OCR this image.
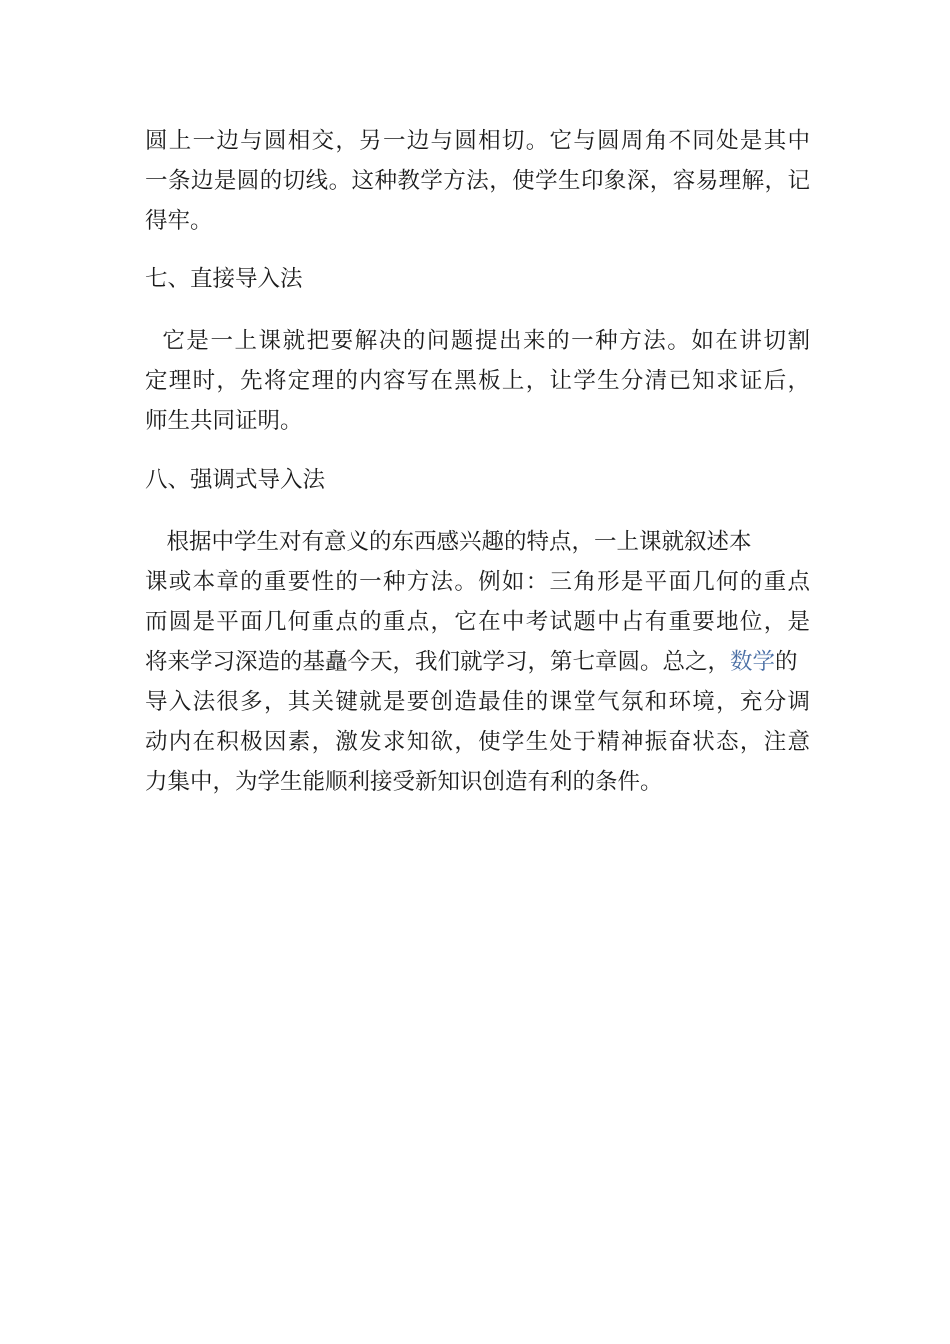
圆上一边与圆相交，另一边与圆相切。它与圆周角不同处是其中
一条边是圆的切线。这种教学方法，使学生印象深，容易理解，记
得牢。

七、直接导入法

它是一上课就把要解决的问题提出来的一种方法。如在讲切割
定理时，先将定理的内容写在黑板上，让学生分清已知求证后，
师生共同证明。

八、强调式导入法

根据中学生对有意义的东西感兴趣的特点，一上课就叙述本
课或本章的重要性的一种方法。例如：三角形是平面几何的重点
而圆是平面几何重点的重点，它在中考试题中占有重要地位，是
将来学习深造的基矗今天，我们就学习，第七章圆。总之，数学的
导入法很多，其关键就是要创造最佳的课堂气氛和环境，充分调
动内在积极因素，激发求知欲，使学生处于精神振奋状态，注意
力集中，为学生能顺利接受新知识创造有利的条件。
